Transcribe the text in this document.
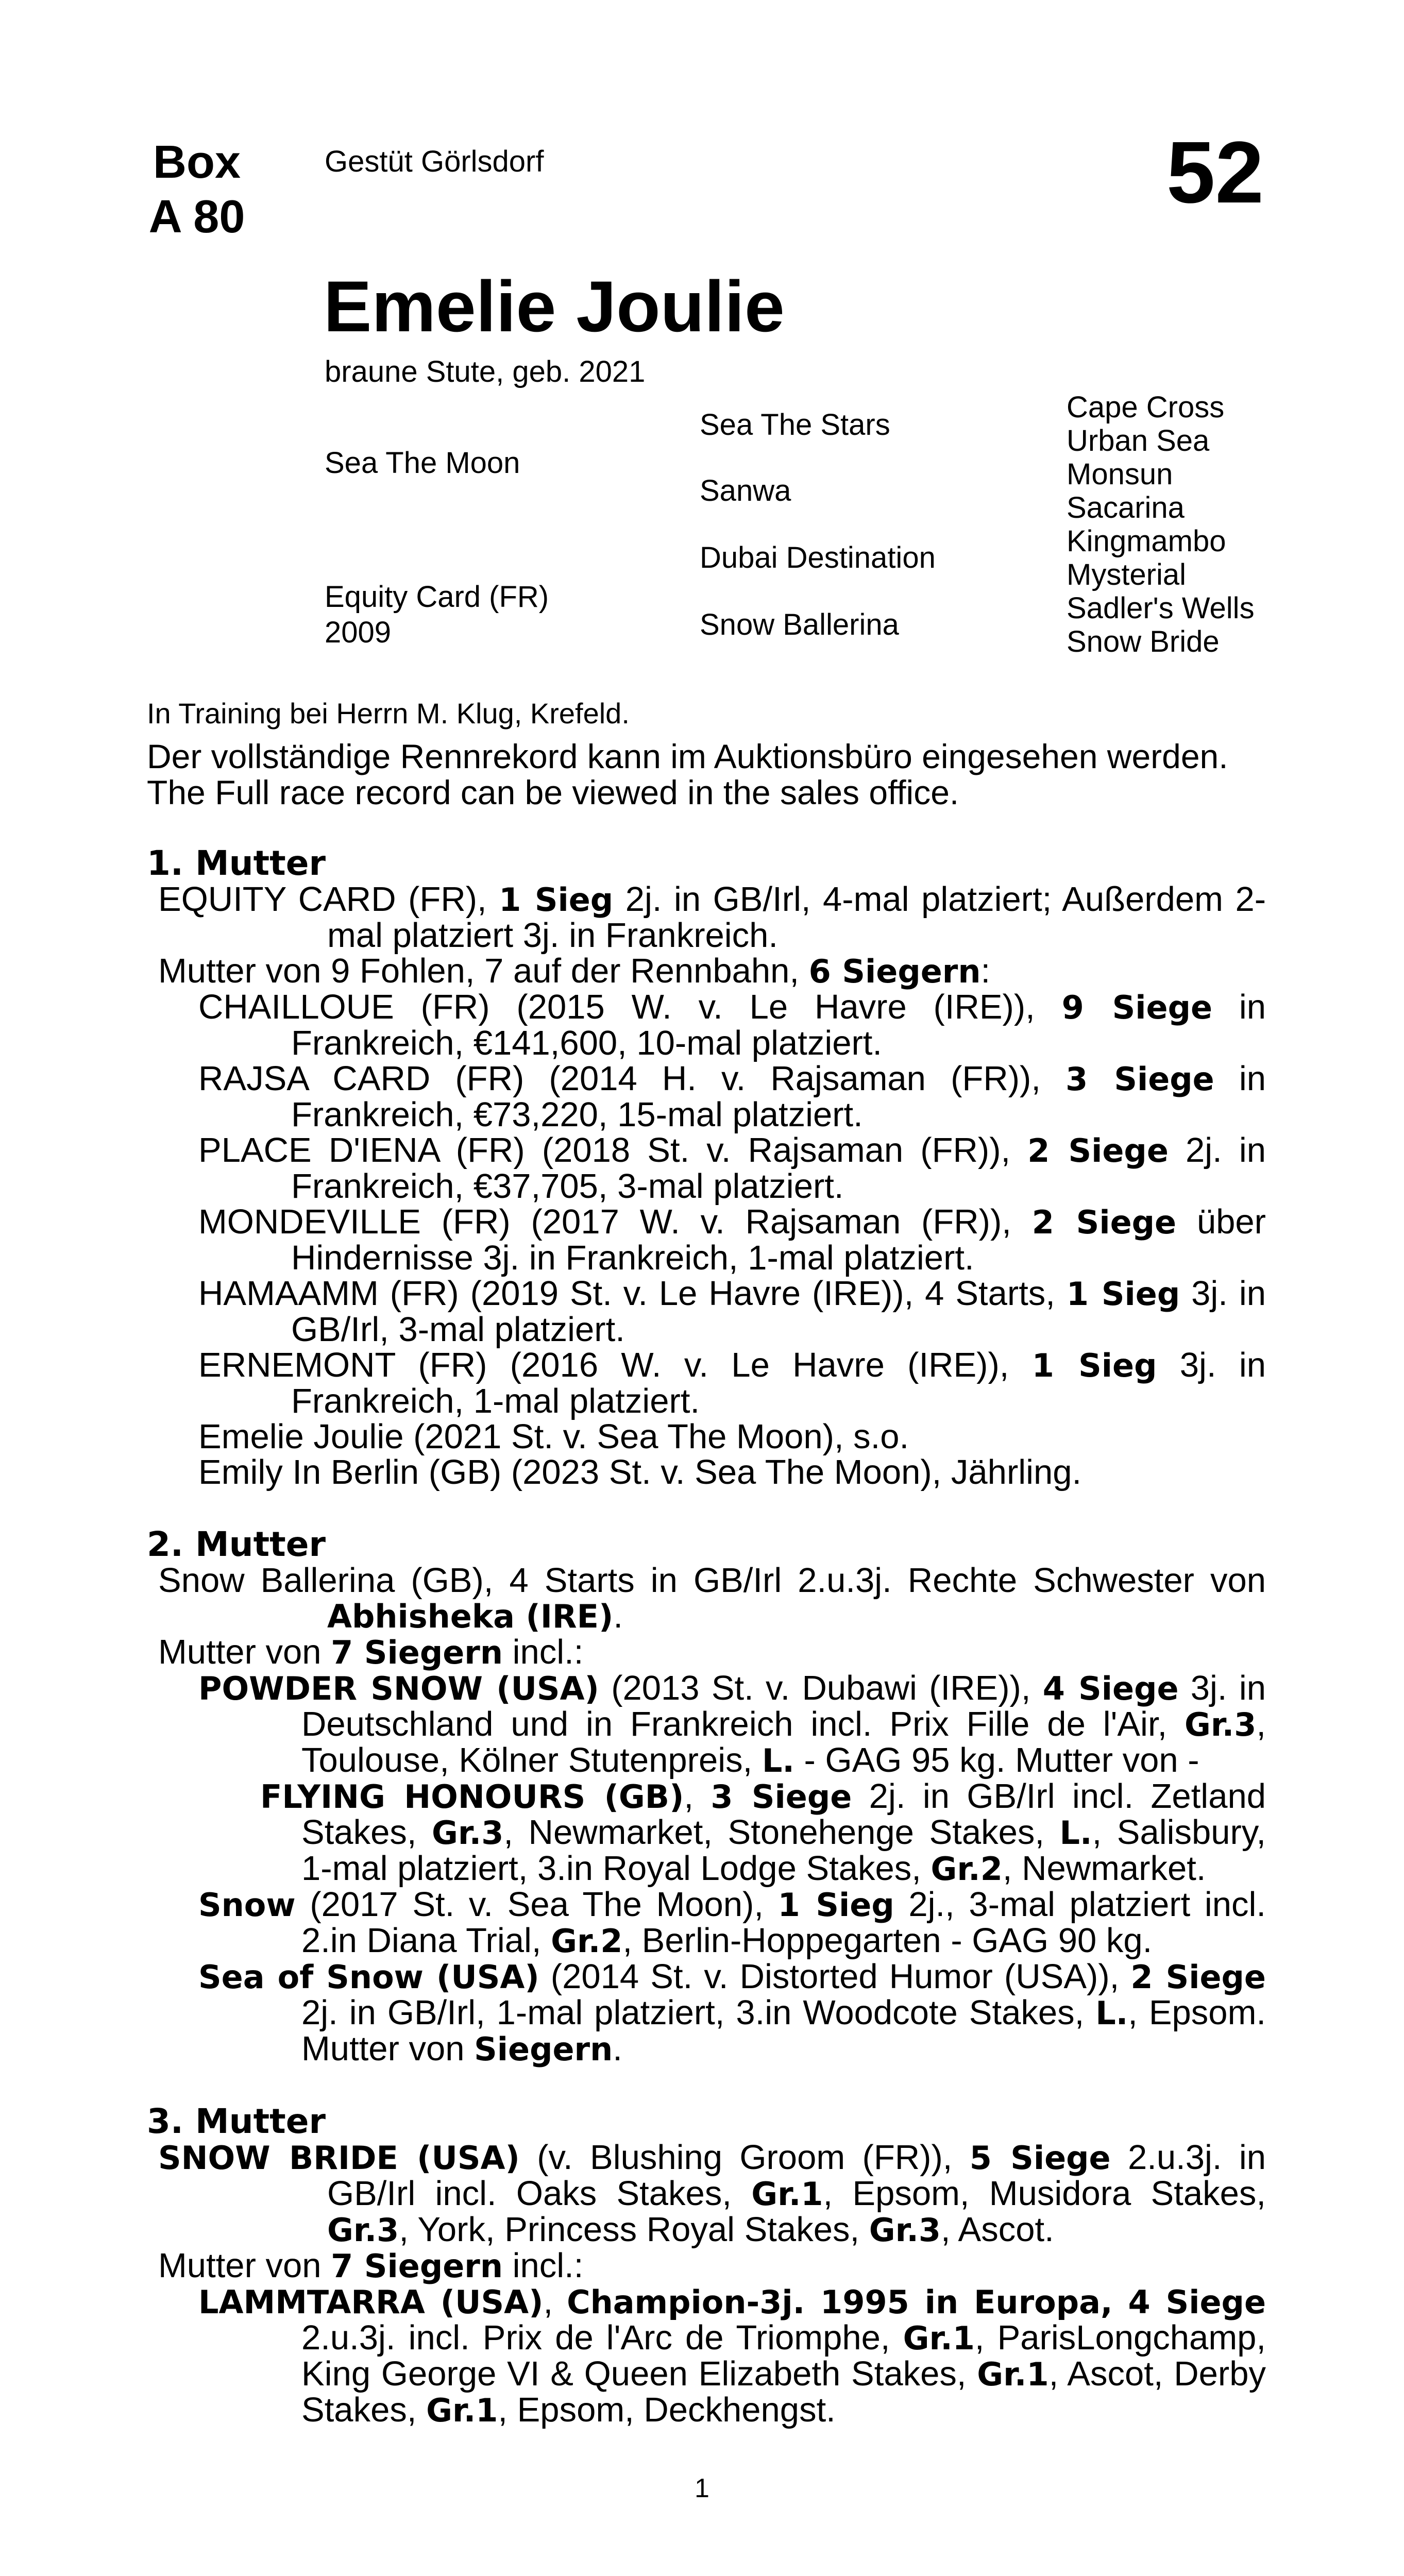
Box
A 80
Gestüt Görlsdorf	52
Emelie Joulie
braune Stute, geb. 2021
Sea The Moon
Equity Card (FR)
2009
Sea The Stars
Sanwa
Dubai Destination
Snow Ballerina
Cape Cross
Urban Sea
Monsun
Sacarina
Kingmambo
Mysterial
Sadler's Wells
Snow Bride
In Training bei Herrn M. Klug, Krefeld.
Der vollständige Rennrekord kann im Auktionsbüro eingesehen werden.
The Full race record can be viewed in the sales office.
1. Mutter

EQUITY CARD (FR), 1 Sieg 2j. in GB/Irl, 4-mal platziert; Außerdem 2-mal platziert 3j. in Frankreich.

Mutter von 9 Fohlen, 7 auf der Rennbahn, 6 Siegern:

CHAILLOUE (FR) (2015 W. v. Le Havre (IRE)), 9 Siege in Frankreich, €141,600, 10-mal platziert.

RAJSA CARD (FR) (2014 H. v. Rajsaman (FR)), 3 Siege in Frankreich, €73,220, 15-mal platziert.

PLACE D'IENA (FR) (2018 St. v. Rajsaman (FR)), 2 Siege 2j. in Frankreich, €37,705, 3-mal platziert.

MONDEVILLE (FR) (2017 W. v. Rajsaman (FR)), 2 Siege über Hindernisse 3j. in Frankreich, 1-mal platziert.

HAMAAMM (FR) (2019 St. v. Le Havre (IRE)), 4 Starts, 1 Sieg 3j. in GB/Irl, 3-mal platziert.

ERNEMONT (FR) (2016 W. v. Le Havre (IRE)), 1 Sieg 3j. in Frankreich, 1-mal platziert.

Emelie Joulie (2021 St. v. Sea The Moon), s.o.

Emily In Berlin (GB) (2023 St. v. Sea The Moon), Jährling.

2. Mutter

Snow Ballerina (GB), 4 Starts in GB/Irl 2.u.3j. Rechte Schwester von Abhisheka (IRE).

Mutter von 7 Siegern incl.:

POWDER SNOW (USA) (2013 St. v. Dubawi (IRE)), 4 Siege 3j. in Deutschland und in Frankreich incl. Prix Fille de l'Air, Gr.3, Toulouse, Kölner Stutenpreis, L. - GAG 95 kg. Mutter von -

FLYING HONOURS (GB), 3 Siege 2j. in GB/Irl incl. Zetland Stakes, Gr.3, Newmarket, Stonehenge Stakes, L., Salisbury, 1-mal platziert, 3.in Royal Lodge Stakes, Gr.2, Newmarket.

Snow (2017 St. v. Sea The Moon), 1 Sieg 2j., 3-mal platziert incl. 2.in Diana Trial, Gr.2, Berlin-Hoppegarten - GAG 90 kg.

Sea of Snow (USA) (2014 St. v. Distorted Humor (USA)), 2 Siege 2j. in GB/Irl, 1-mal platziert, 3.in Woodcote Stakes, L., Epsom. Mutter von Siegern.

3. Mutter

SNOW BRIDE (USA) (v. Blushing Groom (FR)), 5 Siege 2.u.3j. in GB/Irl incl. Oaks Stakes, Gr.1, Epsom, Musidora Stakes, Gr.3, York, Princess Royal Stakes, Gr.3, Ascot.

Mutter von 7 Siegern incl.:

LAMMTARRA (USA), Champion-3j. 1995 in Europa, 4 Siege 2.u.3j. incl. Prix de l'Arc de Triomphe, Gr.1, ParisLongchamp, King George VI & Queen Elizabeth Stakes, Gr.1, Ascot, Derby Stakes, Gr.1, Epsom, Deckhengst.

1
